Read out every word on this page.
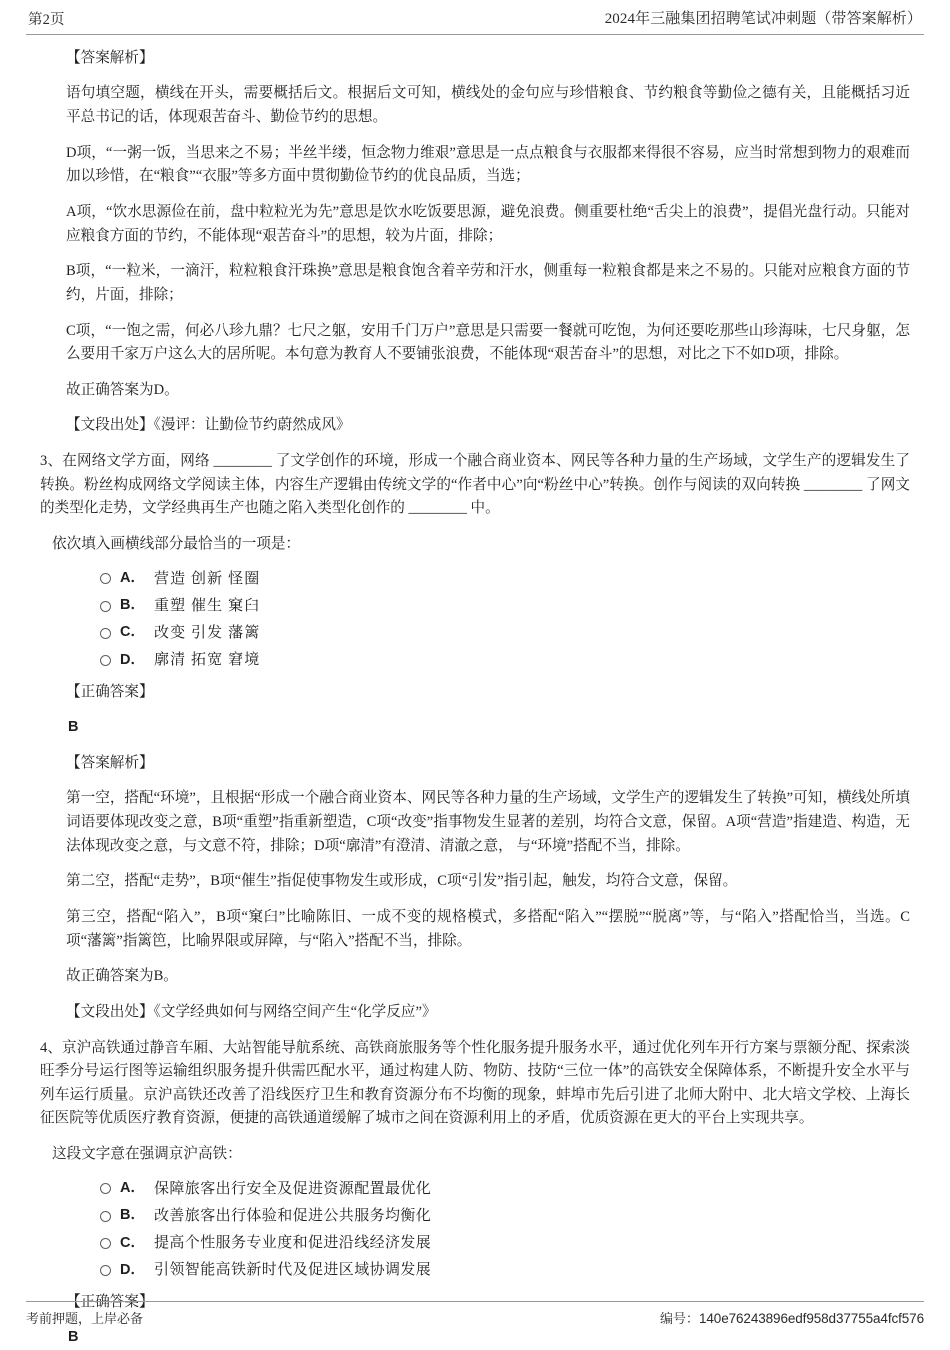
第2页	2024年三融集团招聘笔试冲刺题（带答案解析）

【答案解析】

语句填空题，横线在开头，需要概括后文。根据后文可知，横线处的金句应与珍惜粮食、节约粮食等勤俭之德有关，且能概括习近平总书记的话，体现艰苦奋斗、勤俭节约的思想。

D项，“一粥一饭，当思来之不易；半丝半缕，恒念物力维艰”意思是一点点粮食与衣服都来得很不容易，应当时常想到物力的艰难而加以珍惜，在“粮食”“衣服”等多方面中贯彻勤俭节约的优良品质，当选；

A项，“饮水思源俭在前，盘中粒粒光为先”意思是饮水吃饭要思源，避免浪费。侧重要杜绝“舌尖上的浪费”，提倡光盘行动。只能对应粮食方面的节约，不能体现“艰苦奋斗”的思想，较为片面，排除；

B项，“一粒米，一滴汗，粒粒粮食汗珠换”意思是粮食饱含着辛劳和汗水，侧重每一粒粮食都是来之不易的。只能对应粮食方面的节约，片面，排除；

C项，“一饱之需，何必八珍九鼎？七尺之躯，安用千门万户”意思是只需要一餐就可吃饱，为何还要吃那些山珍海味，七尺身躯，怎么要用千家万户这么大的居所呢。本句意为教育人不要铺张浪费，不能体现“艰苦奋斗”的思想，对比之下不如D项，排除。

故正确答案为D。

【文段出处】《漫评：让勤俭节约蔚然成风》

3、在网络文学方面，网络 ________ 了文学创作的环境，形成一个融合商业资本、网民等各种力量的生产场域，文学生产的逻辑发生了转换。粉丝构成网络文学阅读主体，内容生产逻辑由传统文学的“作者中心”向“粉丝中心”转换。创作与阅读的双向转换 ________ 了网文的类型化走势，文学经典再生产也随之陷入类型化创作的 ________ 中。

依次填入画横线部分最恰当的一项是：

A． 营造 创新 怪圈
B． 重塑 催生 窠臼
C． 改变 引发 藩篱
D． 廓清 拓宽 窘境

【正确答案】

B

【答案解析】

第一空，搭配“环境”，且根据“形成一个融合商业资本、网民等各种力量的生产场域，文学生产的逻辑发生了转换”可知，横线处所填词语要体现改变之意，B项“重塑”指重新塑造，C项“改变”指事物发生显著的差别，均符合文意，保留。A项“营造”指建造、构造，无法体现改变之意，与文意不符，排除；D项“廓清”有澄清、清澈之意， 与“环境”搭配不当，排除。

第二空，搭配“走势”，B项“催生”指促使事物发生或形成，C项“引发”指引起，触发，均符合文意，保留。

第三空，搭配“陷入”，B项“窠臼”比喻陈旧、一成不变的规格模式，多搭配“陷入”“摆脱”“脱离”等，与“陷入”搭配恰当，当选。C项“藩篱”指篱笆，比喻界限或屏障，与“陷入”搭配不当，排除。

故正确答案为B。

【文段出处】《文学经典如何与网络空间产生“化学反应”》

4、京沪高铁通过静音车厢、大站智能导航系统、高铁商旅服务等个性化服务提升服务水平，通过优化列车开行方案与票额分配、探索淡旺季分号运行图等运输组织服务提升供需匹配水平，通过构建人防、物防、技防“三位一体”的高铁安全保障体系，不断提升安全水平与列车运行质量。京沪高铁还改善了沿线医疗卫生和教育资源分布不均衡的现象，蚌埠市先后引进了北师大附中、北大培文学校、上海长征医院等优质医疗教育资源，便捷的高铁通道缓解了城市之间在资源利用上的矛盾，优质资源在更大的平台上实现共享。

这段文字意在强调京沪高铁：

A． 保障旅客出行安全及促进资源配置最优化
B． 改善旅客出行体验和促进公共服务均衡化
C． 提高个性服务专业度和促进沿线经济发展
D． 引领智能高铁新时代及促进区域协调发展

【正确答案】

B

考前押题，上岸必备	编号：140e76243896edf958d37755a4fcf576
